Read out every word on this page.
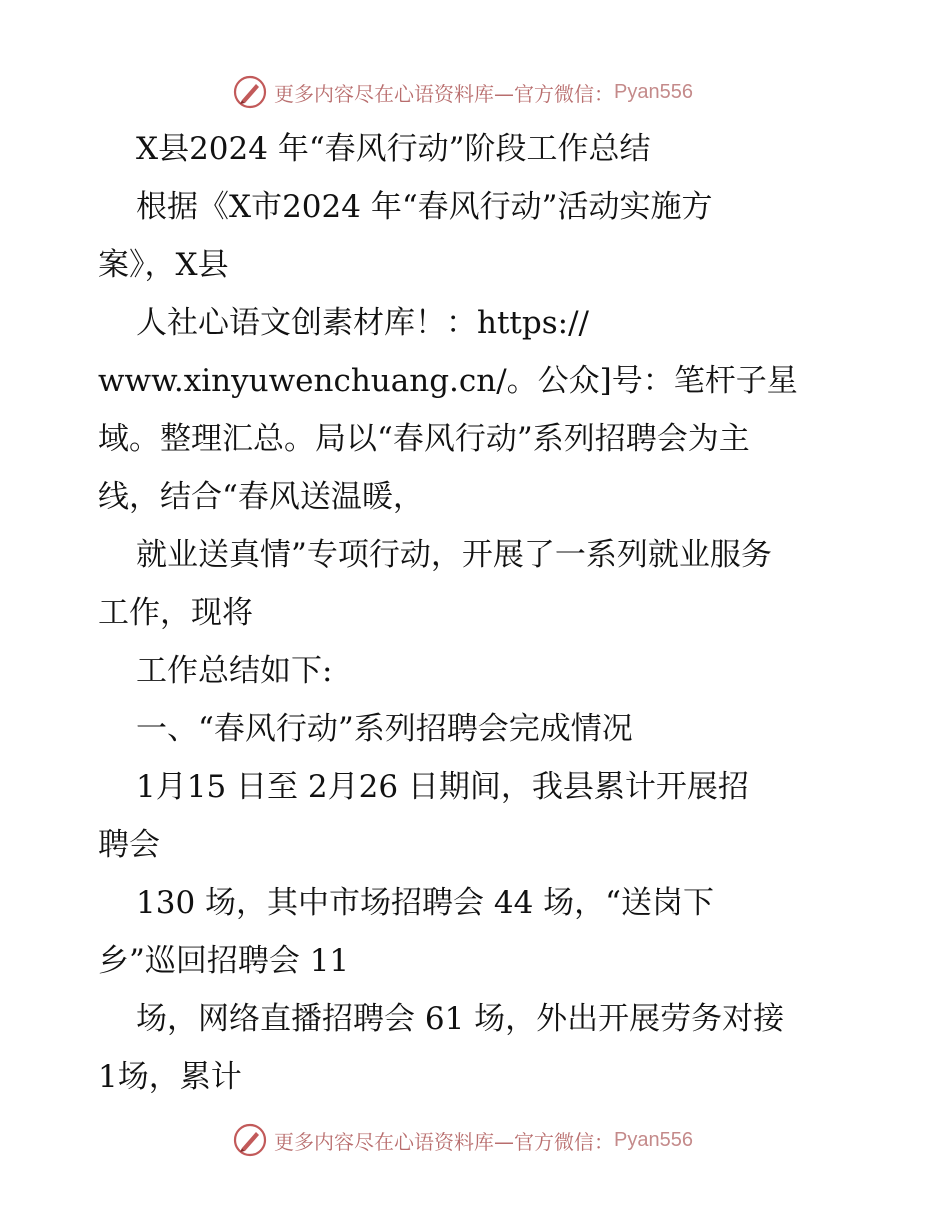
更多内容尽在心语资料库—官方微信： Pyan556
X县2024 年“春风行动”阶段工作总结
根据《X市2024 年“春风行动”活动实施方
案》，X县
人社心语文创素材库！：https://
www.xinyuwenchuang.cn/。公众]号：笔杆子星
域。整理汇总。局以“春风行动”系列招聘会为主
线，结合“春风送温暖，
就业送真情”专项行动，开展了一系列就业服务
工作，现将
工作总结如下:
一、“春风行动”系列招聘会完成情况
1月15 日至 2月26 日期间，我县累计开展招
聘会
130 场，其中市场招聘会 44 场，“送岗下
乡”巡回招聘会 11
场，网络直播招聘会 61 场，外出开展劳务对接
1场，累计
更多内容尽在心语资料库—官方微信： Pyan556
